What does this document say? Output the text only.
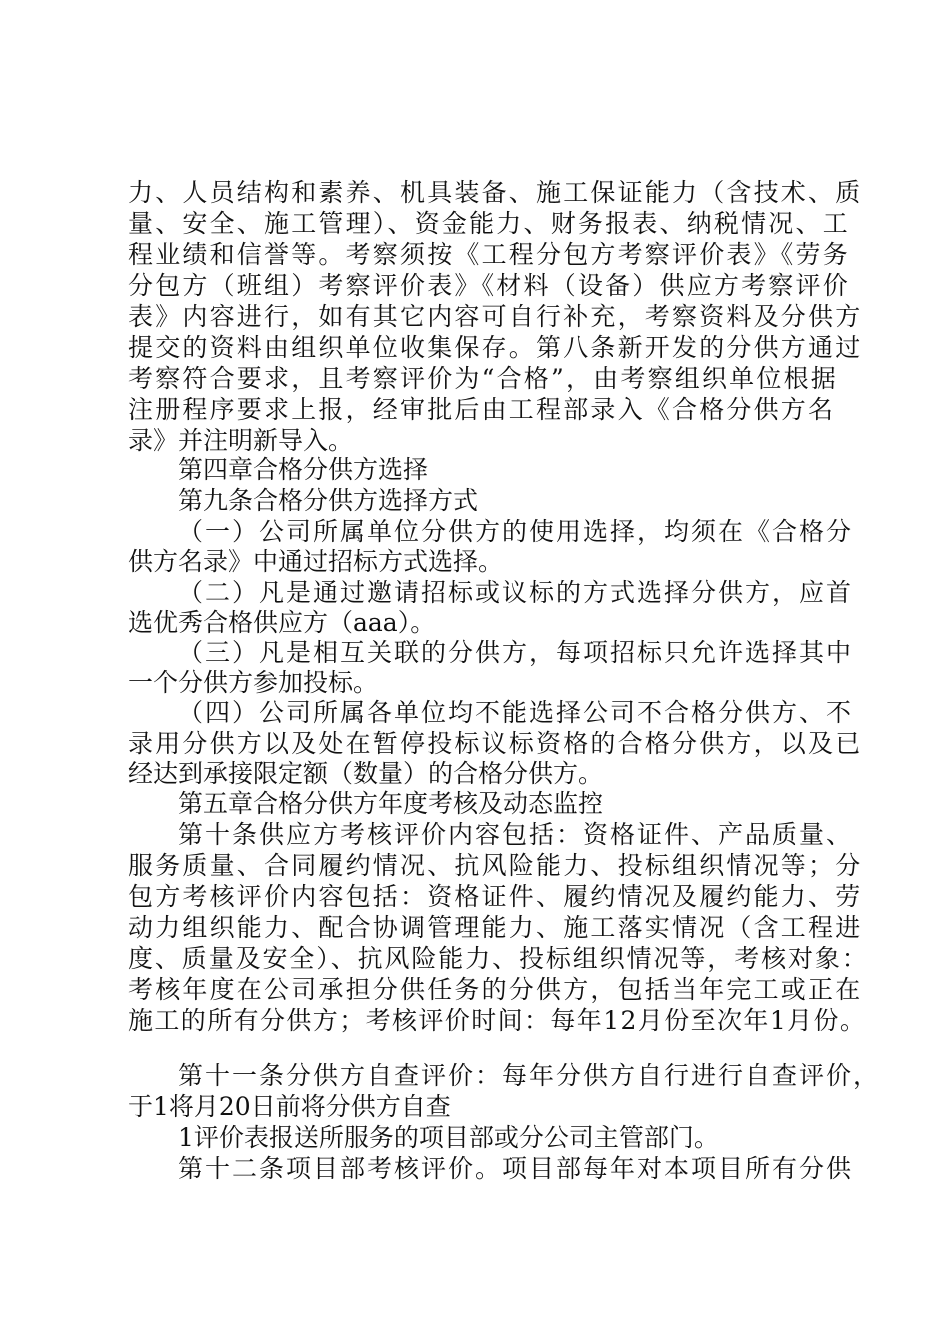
力、人员结构和素养、机具装备、施工保证能力（含技术、质
量、安全、施工管理）、资金能力、财务报表、纳税情况、工
程业绩和信誉等。考察须按《工程分包方考察评价表》《劳务
分包方（班组）考察评价表》《材料（设备）供应方考察评价
表》内容进行，如有其它内容可自行补充，考察资料及分供方
提交的资料由组织单位收集保存。第八条新开发的分供方通过
考察符合要求，且考察评价为“合格”，由考察组织单位根据
注册程序要求上报，经审批后由工程部录入《合格分供方名
录》并注明新导入。
第四章合格分供方选择
第九条合格分供方选择方式
（一）公司所属单位分供方的使用选择，均须在《合格分
供方名录》中通过招标方式选择。
（二）凡是通过邀请招标或议标的方式选择分供方，应首
选优秀合格供应方（aaa）。
（三）凡是相互关联的分供方，每项招标只允许选择其中
一个分供方参加投标。
（四）公司所属各单位均不能选择公司不合格分供方、不
录用分供方以及处在暂停投标议标资格的合格分供方，以及已
经达到承接限定额（数量）的合格分供方。
第五章合格分供方年度考核及动态监控
第十条供应方考核评价内容包括：资格证件、产品质量、
服务质量、合同履约情况、抗风险能力、投标组织情况等；分
包方考核评价内容包括：资格证件、履约情况及履约能力、劳
动力组织能力、配合协调管理能力、施工落实情况（含工程进
度、质量及安全）、抗风险能力、投标组织情况等，考核对象：
考核年度在公司承担分供任务的分供方，包括当年完工或正在
施工的所有分供方；考核评价时间：每年12月份至次年1月份。
第十一条分供方自查评价：每年分供方自行进行自查评价，
于1将月20日前将分供方自查
1评价表报送所服务的项目部或分公司主管部门。
第十二条项目部考核评价。项目部每年对本项目所有分供
